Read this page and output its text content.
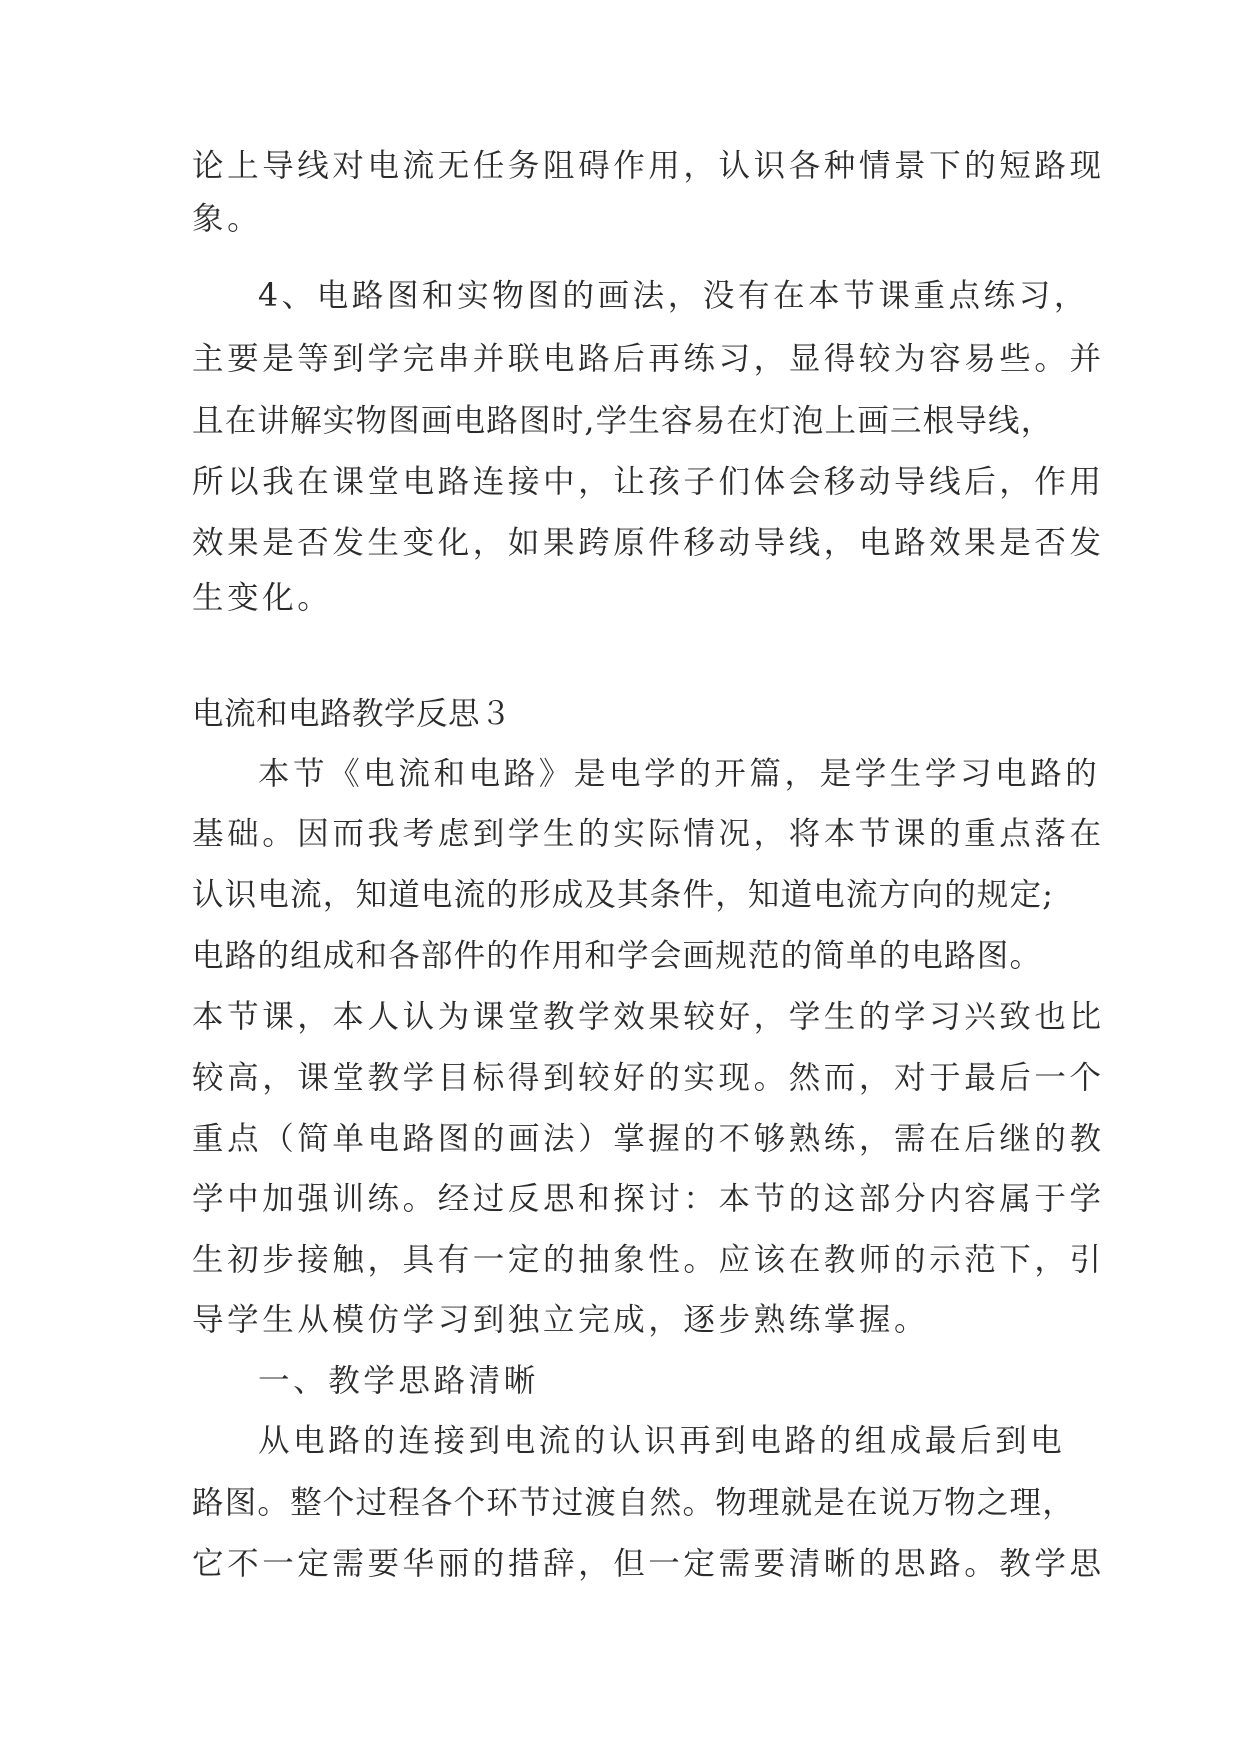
论上导线对电流无任务阻碍作用，认识各种情景下的短路现
象。
4、电路图和实物图的画法，没有在本节课重点练习，
主要是等到学完串并联电路后再练习，显得较为容易些。并
且在讲解实物图画电路图时,学生容易在灯泡上画三根导线，
所以我在课堂电路连接中，让孩子们体会移动导线后，作用
效果是否发生变化，如果跨原件移动导线，电路效果是否发
生变化。
电流和电路教学反思３
本节《电流和电路》是电学的开篇，是学生学习电路的
基础。因而我考虑到学生的实际情况，将本节课的重点落在
认识电流，知道电流的形成及其条件，知道电流方向的规定;
电路的组成和各部件的作用和学会画规范的简单的电路图。
本节课，本人认为课堂教学效果较好，学生的学习兴致也比
较高，课堂教学目标得到较好的实现。然而，对于最后一个
重点（简单电路图的画法）掌握的不够熟练，需在后继的教
学中加强训练。经过反思和探讨：本节的这部分内容属于学
生初步接触，具有一定的抽象性。应该在教师的示范下，引
导学生从模仿学习到独立完成，逐步熟练掌握。
一、教学思路清晰
从电路的连接到电流的认识再到电路的组成最后到电
路图。整个过程各个环节过渡自然。物理就是在说万物之理，
它不一定需要华丽的措辞，但一定需要清晰的思路。教学思
